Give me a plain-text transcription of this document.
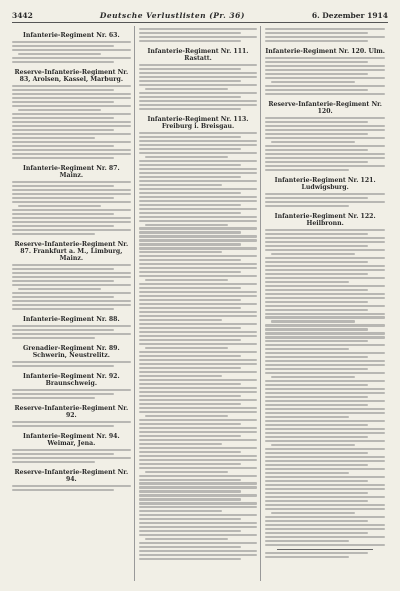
3442	Deutsche Verlustlisten (Pr. 36)	6. Dezember 1914
Infanterie-Regiment Nr. 63.
Reserve-Infanterie-Regiment Nr. 83, Arolsen, Kassel, Marburg.
Infanterie-Regiment Nr. 87. Mainz.
Reserve-Infanterie-Regiment Nr. 87. Frankfurt a. M., Limburg, Mainz.
Infanterie-Regiment Nr. 88.
Grenadier-Regiment Nr. 89. Schwerin, Neustrelitz.
Infanterie-Regiment Nr. 92. Braunschweig.
Reserve-Infanterie-Regiment Nr. 92.
Infanterie-Regiment Nr. 94. Weimar, Jena.
Reserve-Infanterie-Regiment Nr. 94.
Infanterie-Regiment Nr. 111. Rastatt.
Infanterie-Regiment Nr. 113. Freiburg i. Breisgau.
Infanterie-Regiment Nr. 120. Ulm.
Reserve-Infanterie-Regiment Nr. 120.
Infanterie-Regiment Nr. 121. Ludwigsburg.
Infanterie-Regiment Nr. 122. Heilbronn.
